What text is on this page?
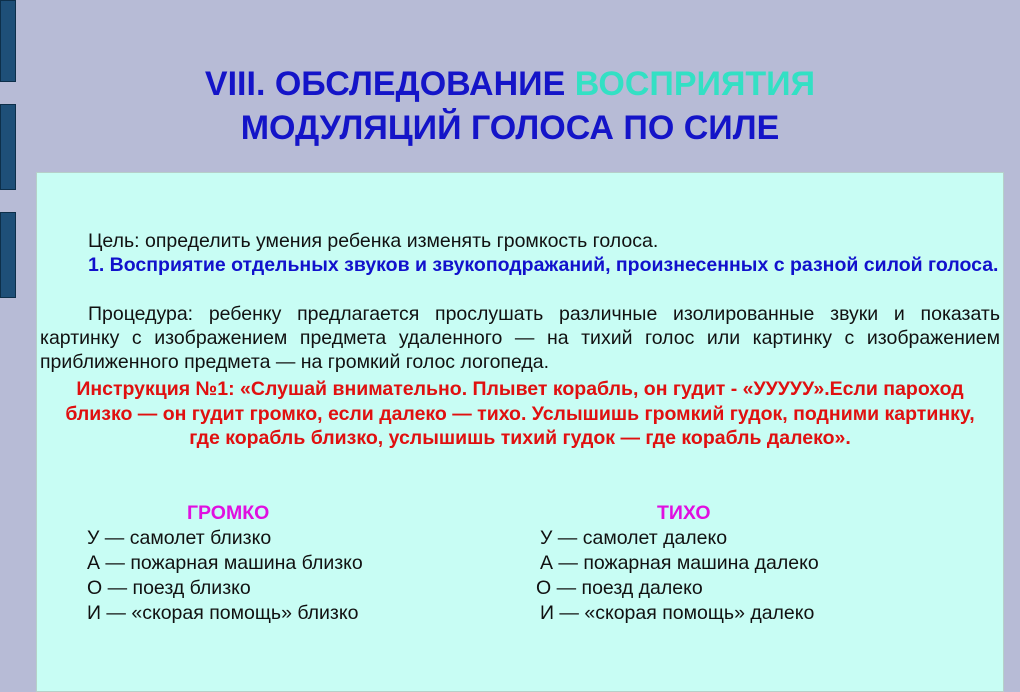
VIII. ОБСЛЕДОВАНИЕ ВОСПРИЯТИЯ
МОДУЛЯЦИЙ ГОЛОСА ПО СИЛЕ
Цель: определить умения ребенка изменять громкость голоса.
1. Восприятие отдельных звуков и звукоподражаний, произнесенных с разной силой голоса.
Процедура: ребенку предлагается прослушать различные изолированные звуки и показать картинку с изображением предмета удаленного — на тихий голос или картинку с изображением приближенного предмета — на громкий голос логопеда.
Инструкция №1: «Слушай внимательно. Плывет корабль, он гудит - «УУУУУ».Если пароход близко — он гудит громко, если далеко — тихо. Услышишь громкий гудок, подними картинку, где корабль близко, услышишь тихий гудок — где корабль далеко».
ГРОМКО	ТИХО
У — самолет близко
А — пожарная машина близко
О — поезд близко
И — «скорая помощь» близко
У — самолет далеко
А — пожарная машина далеко
О — поезд далеко
И — «скорая помощь» далеко
